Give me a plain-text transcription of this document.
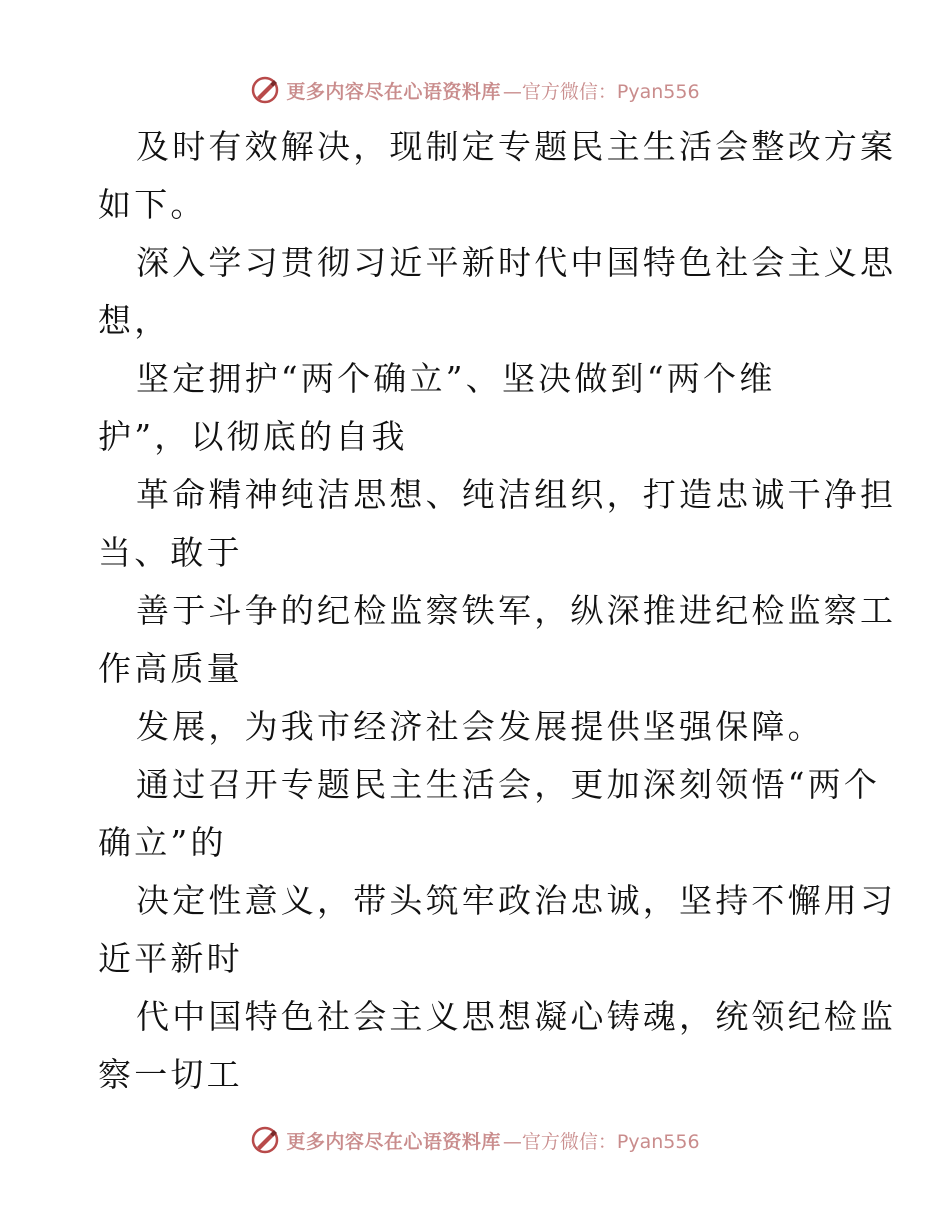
更多内容尽在心语资料库 —官方微信：Pyan556
及时有效解决，现制定专题民主生活会整改方案
如下。
深入学习贯彻习近平新时代中国特色社会主义思
想，
坚定拥护“两个确立”、坚决做到“两个维
护”，以彻底的自我
革命精神纯洁思想、纯洁组织，打造忠诚干净担
当、敢于
善于斗争的纪检监察铁军，纵深推进纪检监察工
作高质量
发展，为我市经济社会发展提供坚强保障。
通过召开专题民主生活会，更加深刻领悟“两个
确立”的
决定性意义，带头筑牢政治忠诚，坚持不懈用习
近平新时
代中国特色社会主义思想凝心铸魂，统领纪检监
察一切工
更多内容尽在心语资料库 —官方微信：Pyan556
